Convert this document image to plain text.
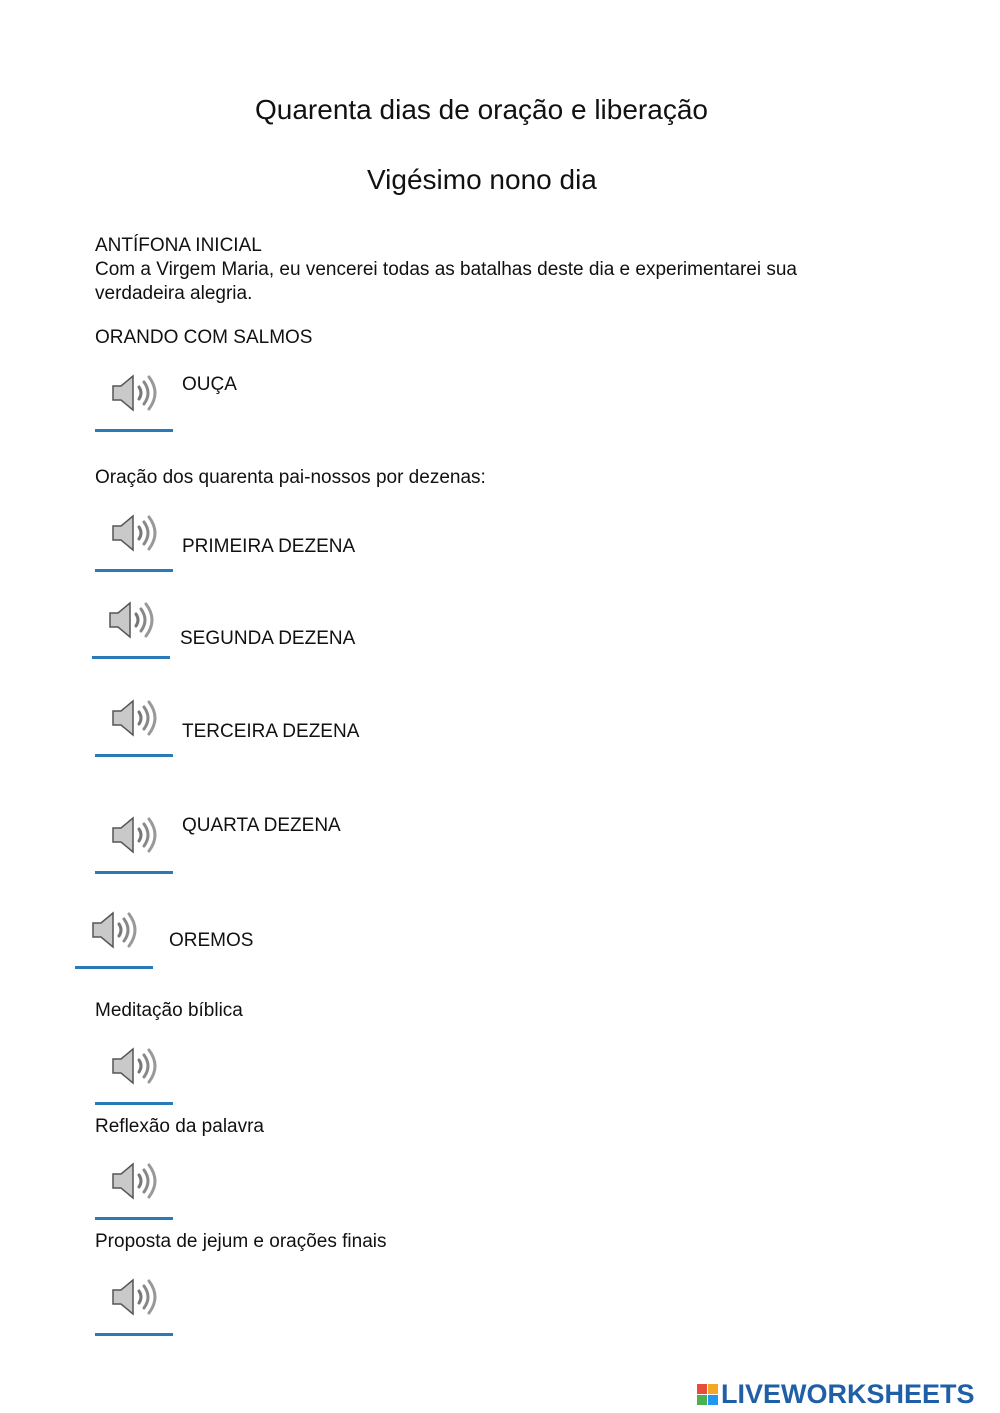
Quarenta dias de oração e liberação
Vigésimo nono dia
ANTÍFONA INICIAL
Com a Virgem Maria, eu vencerei todas as batalhas deste dia e experimentarei sua
verdadeira alegria.
ORANDO COM SALMOS
OUÇA
Oração dos quarenta pai-nossos por dezenas:
PRIMEIRA DEZENA
SEGUNDA DEZENA
TERCEIRA DEZENA
QUARTA DEZENA
OREMOS
Meditação bíblica
Reflexão da palavra
Proposta de jejum e orações finais
LIVEWORKSHEETS
